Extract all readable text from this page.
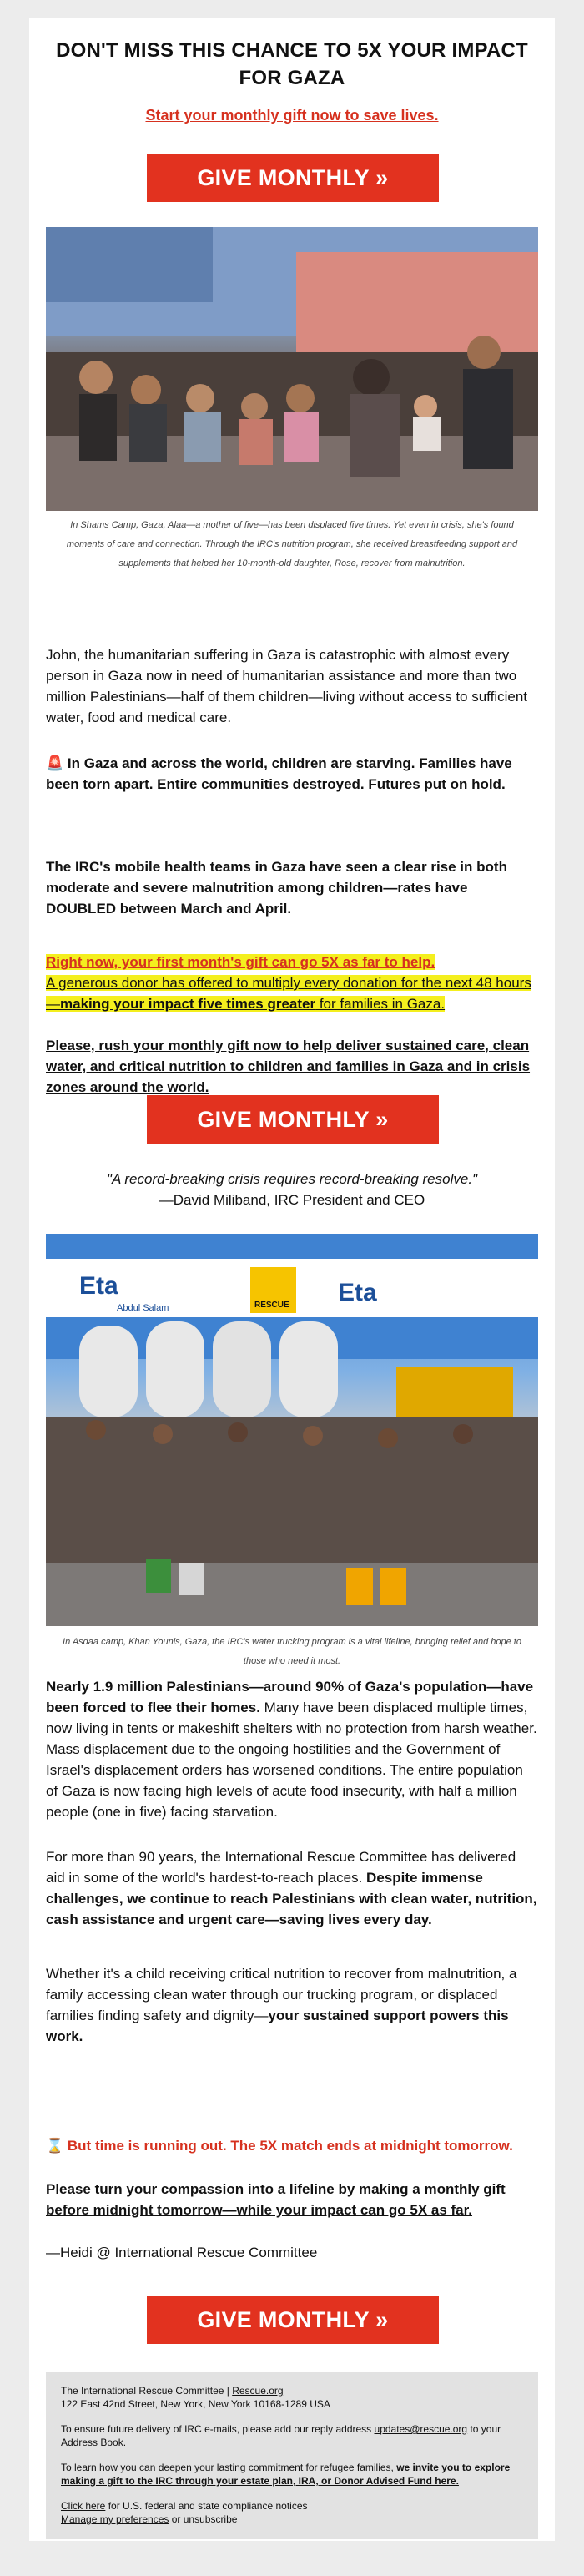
DON'T MISS THIS CHANCE TO 5X YOUR IMPACT FOR GAZA
Start your monthly gift now to save lives.
GIVE MONTHLY »
In Shams Camp, Gaza, Alaa—a mother of five—has been displaced five times. Yet even in crisis, she's found moments of care and connection. Through the IRC's nutrition program, she received breastfeeding support and supplements that helped her 10-month-old daughter, Rose, recover from malnutrition.
John, the humanitarian suffering in Gaza is catastrophic with almost every person in Gaza now in need of humanitarian assistance and more than two million Palestinians—half of them children—living without access to sufficient water, food and medical care.
🚨 In Gaza and across the world, children are starving. Families have been torn apart. Entire communities destroyed. Futures put on hold.
The IRC's mobile health teams in Gaza have seen a clear rise in both moderate and severe malnutrition among children—rates have DOUBLED between March and April.
Right now, your first month's gift can go 5X as far to help.
A generous donor has offered to multiply every donation for the next 48 hours—making your impact five times greater for families in Gaza.
Please, rush your monthly gift now to help deliver sustained care, clean water, and critical nutrition to children and families in Gaza and in crisis zones around the world.
GIVE MONTHLY »
"A record-breaking crisis requires record-breaking resolve."
—David Miliband, IRC President and CEO
Eta
Abdul Salam
Eta
RESCUE
In Asdaa camp, Khan Younis, Gaza, the IRC's water trucking program is a vital lifeline, bringing relief and hope to those who need it most.
Nearly 1.9 million Palestinians—around 90% of Gaza's population—have been forced to flee their homes. Many have been displaced multiple times, now living in tents or makeshift shelters with no protection from harsh weather. Mass displacement due to the ongoing hostilities and the Government of Israel's displacement orders has worsened conditions. The entire population of Gaza is now facing high levels of acute food insecurity, with half a million people (one in five) facing starvation.
For more than 90 years, the International Rescue Committee has delivered aid in some of the world's hardest-to-reach places. Despite immense challenges, we continue to reach Palestinians with clean water, nutrition, cash assistance and urgent care—saving lives every day.
Whether it's a child receiving critical nutrition to recover from malnutrition, a family accessing clean water through our trucking program, or displaced families finding safety and dignity—your sustained support powers this work.
⌛ But time is running out. The 5X match ends at midnight tomorrow.
Please turn your compassion into a lifeline by making a monthly gift before midnight tomorrow—while your impact can go 5X as far.
—Heidi @ International Rescue Committee
GIVE MONTHLY »

The International Rescue Committee | Rescue.org

122 East 42nd Street, New York, New York 10168-1289 USA

To ensure future delivery of IRC e-mails, please add our reply address updates@rescue.org to your Address Book.

To learn how you can deepen your lasting commitment for refugee families, we invite you to explore making a gift to the IRC through your estate plan, IRA, or Donor Advised Fund here.

Click here for U.S. federal and state compliance notices

Manage my preferences or unsubscribe
